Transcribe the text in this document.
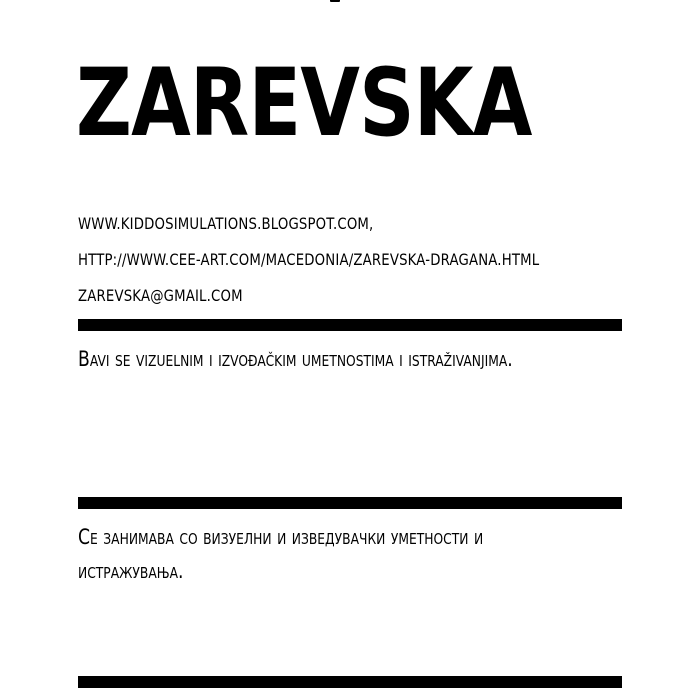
ZAREVSKA
WWW.KIDDOSIMULATIONS.BLOGSPOT.COM,
HTTP://WWW.CEE-ART.COM/MACEDONIA/ZAREVSKA-DRAGANA.HTML
ZAREVSKA@GMAIL.COM
Bavi se vizuelnim i izvođačkim umetnostima i istraživanjima.
Се занимава со визуелни и изведувачки уметности и истражувања.
